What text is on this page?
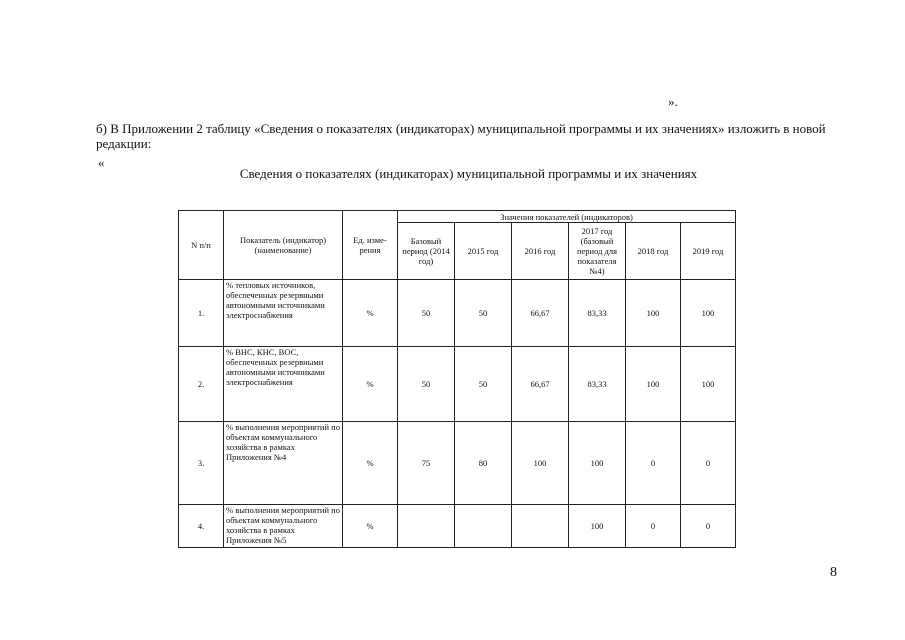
».
б) В Приложении 2 таблицу «Сведения о показателях (индикаторах) муниципальной программы и их значениях» изложить в новой редакции:
«
Сведения о показателях (индикаторах) муниципальной программы и их значениях
N п/п	Показатель (индикатор) (наименование)	Ед. изме-рения	Значения показателей (индикаторов)					
			Базовый период (2014 год)	2015 год	2016 год	2017 год (базовый период для показателя №4)	2018 год	2019 год
1.	% тепловых источников, обеспеченных резервными автономными источниками электроснабжения	%	50	50	66,67	83,33	100	100
2.	% ВНС, КНС, ВОС, обеспеченных резервными автономными источниками электроснабжения	%	50	50	66,67	83,33	100	100
3.	% выполнения мероприятий по объектам коммунального хозяйства в рамках Приложения №4	%	75	80	100	100	0	0
4.	% выполнения мероприятий по объектам коммунального хозяйства в рамках Приложения №5	%				100	0	0
8
